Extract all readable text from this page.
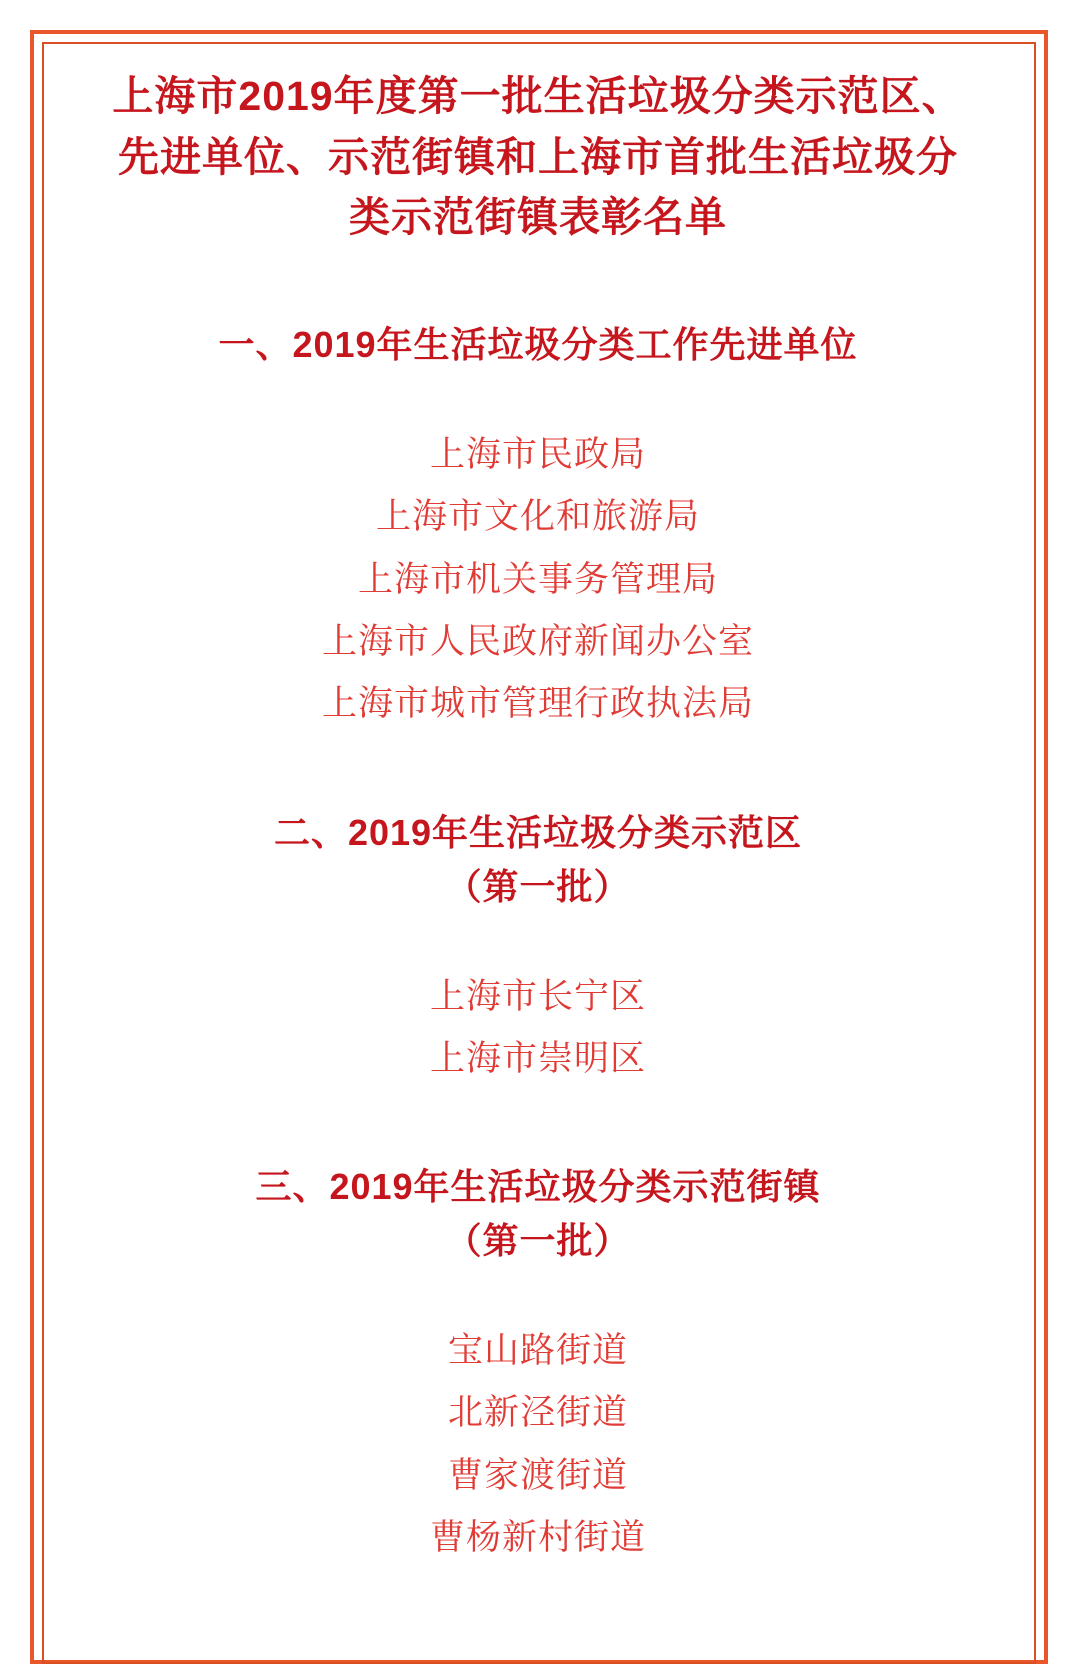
上海市2019年度第一批生活垃圾分类示范区、先进单位、示范街镇和上海市首批生活垃圾分类示范街镇表彰名单
一、2019年生活垃圾分类工作先进单位
上海市民政局
上海市文化和旅游局
上海市机关事务管理局
上海市人民政府新闻办公室
上海市城市管理行政执法局
二、2019年生活垃圾分类示范区
（第一批）
上海市长宁区
上海市崇明区
三、2019年生活垃圾分类示范街镇
（第一批）
宝山路街道
北新泾街道
曹家渡街道
曹杨新村街道
